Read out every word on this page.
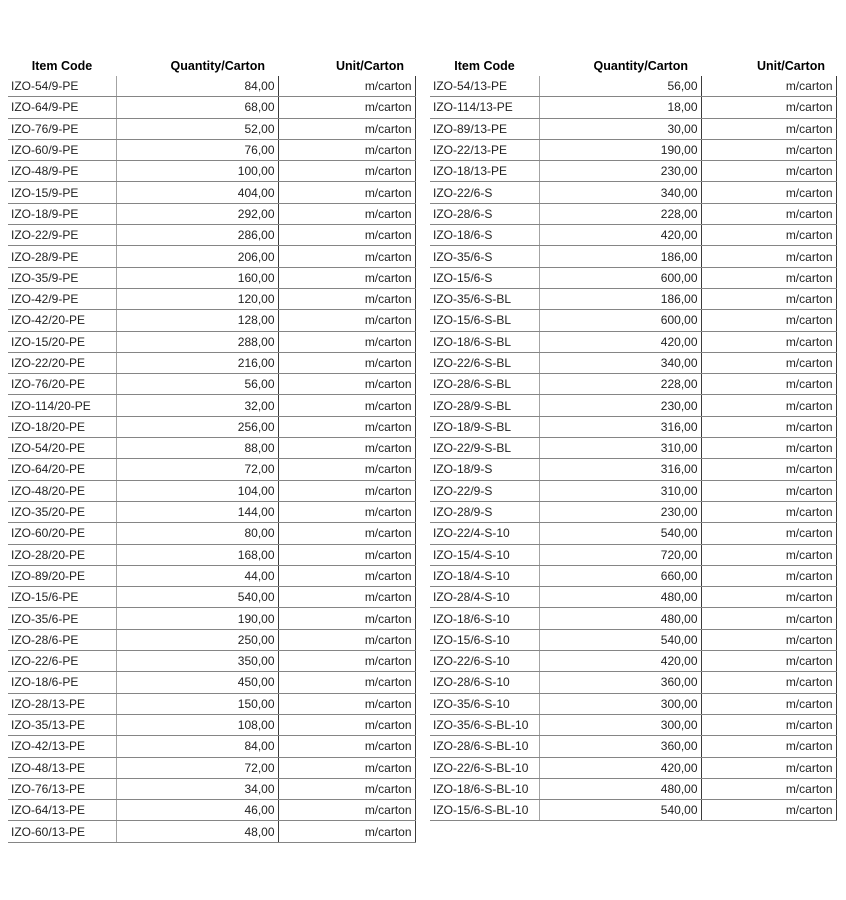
Item Code	Quantity/Carton	Unit/Carton
IZO-54/9-PE	84,00	m/carton
IZO-64/9-PE	68,00	m/carton
IZO-76/9-PE	52,00	m/carton
IZO-60/9-PE	76,00	m/carton
IZO-48/9-PE	100,00	m/carton
IZO-15/9-PE	404,00	m/carton
IZO-18/9-PE	292,00	m/carton
IZO-22/9-PE	286,00	m/carton
IZO-28/9-PE	206,00	m/carton
IZO-35/9-PE	160,00	m/carton
IZO-42/9-PE	120,00	m/carton
IZO-42/20-PE	128,00	m/carton
IZO-15/20-PE	288,00	m/carton
IZO-22/20-PE	216,00	m/carton
IZO-76/20-PE	56,00	m/carton
IZO-114/20-PE	32,00	m/carton
IZO-18/20-PE	256,00	m/carton
IZO-54/20-PE	88,00	m/carton
IZO-64/20-PE	72,00	m/carton
IZO-48/20-PE	104,00	m/carton
IZO-35/20-PE	144,00	m/carton
IZO-60/20-PE	80,00	m/carton
IZO-28/20-PE	168,00	m/carton
IZO-89/20-PE	44,00	m/carton
IZO-15/6-PE	540,00	m/carton
IZO-35/6-PE	190,00	m/carton
IZO-28/6-PE	250,00	m/carton
IZO-22/6-PE	350,00	m/carton
IZO-18/6-PE	450,00	m/carton
IZO-28/13-PE	150,00	m/carton
IZO-35/13-PE	108,00	m/carton
IZO-42/13-PE	84,00	m/carton
IZO-48/13-PE	72,00	m/carton
IZO-76/13-PE	34,00	m/carton
IZO-64/13-PE	46,00	m/carton
IZO-60/13-PE	48,00	m/carton
Item Code	Quantity/Carton	Unit/Carton
IZO-54/13-PE	56,00	m/carton
IZO-114/13-PE	18,00	m/carton
IZO-89/13-PE	30,00	m/carton
IZO-22/13-PE	190,00	m/carton
IZO-18/13-PE	230,00	m/carton
IZO-22/6-S	340,00	m/carton
IZO-28/6-S	228,00	m/carton
IZO-18/6-S	420,00	m/carton
IZO-35/6-S	186,00	m/carton
IZO-15/6-S	600,00	m/carton
IZO-35/6-S-BL	186,00	m/carton
IZO-15/6-S-BL	600,00	m/carton
IZO-18/6-S-BL	420,00	m/carton
IZO-22/6-S-BL	340,00	m/carton
IZO-28/6-S-BL	228,00	m/carton
IZO-28/9-S-BL	230,00	m/carton
IZO-18/9-S-BL	316,00	m/carton
IZO-22/9-S-BL	310,00	m/carton
IZO-18/9-S	316,00	m/carton
IZO-22/9-S	310,00	m/carton
IZO-28/9-S	230,00	m/carton
IZO-22/4-S-10	540,00	m/carton
IZO-15/4-S-10	720,00	m/carton
IZO-18/4-S-10	660,00	m/carton
IZO-28/4-S-10	480,00	m/carton
IZO-18/6-S-10	480,00	m/carton
IZO-15/6-S-10	540,00	m/carton
IZO-22/6-S-10	420,00	m/carton
IZO-28/6-S-10	360,00	m/carton
IZO-35/6-S-10	300,00	m/carton
IZO-35/6-S-BL-10	300,00	m/carton
IZO-28/6-S-BL-10	360,00	m/carton
IZO-22/6-S-BL-10	420,00	m/carton
IZO-18/6-S-BL-10	480,00	m/carton
IZO-15/6-S-BL-10	540,00	m/carton
